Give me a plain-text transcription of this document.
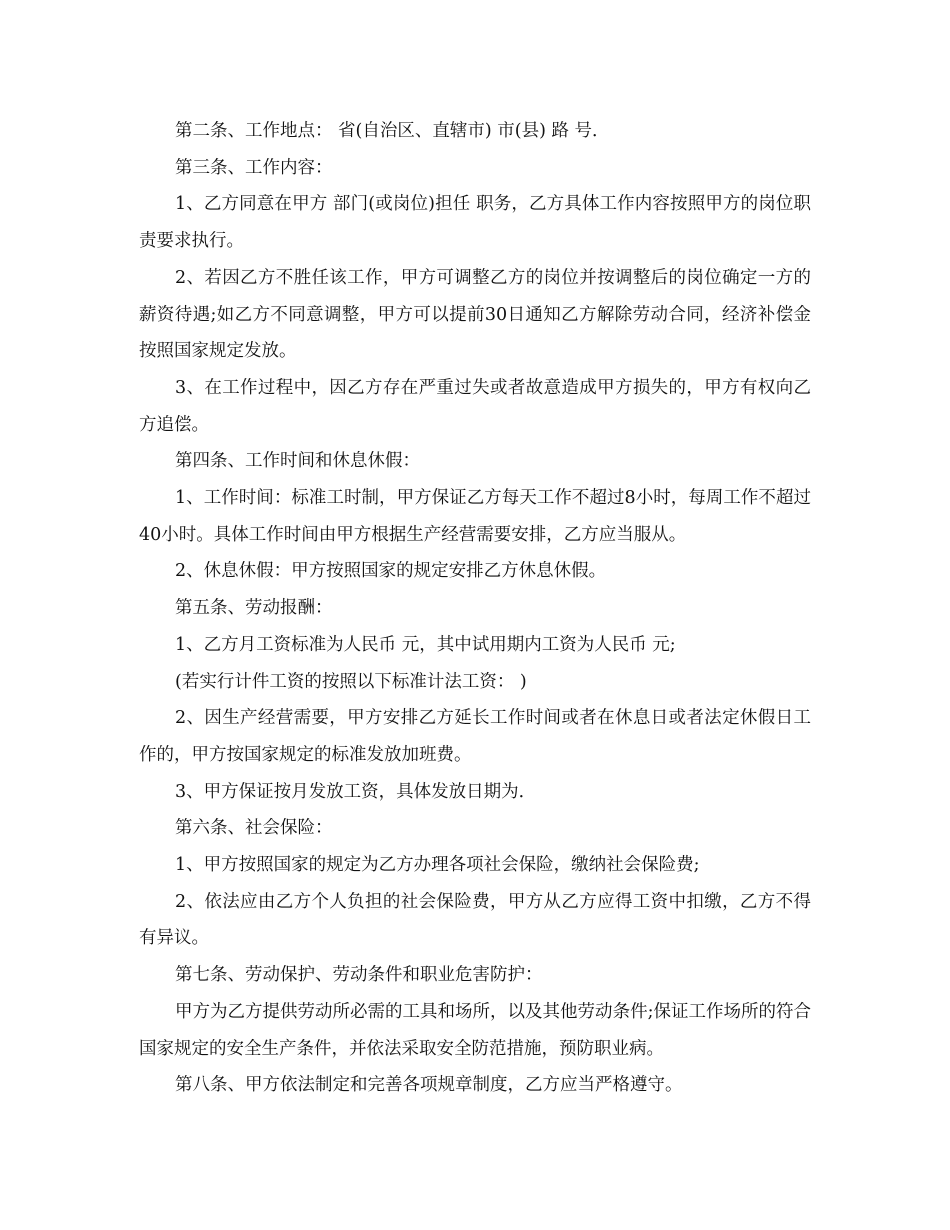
第二条、工作地点： 省(自治区、直辖市) 市(县) 路 号．

第三条、工作内容：

1、乙方同意在甲方 部门(或岗位)担任 职务，乙方具体工作内容按照甲方的岗位职责要求执行。

2、若因乙方不胜任该工作，甲方可调整乙方的岗位并按调整后的岗位确定一方的薪资待遇;如乙方不同意调整，甲方可以提前30日通知乙方解除劳动合同，经济补偿金按照国家规定发放。

3、在工作过程中，因乙方存在严重过失或者故意造成甲方损失的，甲方有权向乙方追偿。

第四条、工作时间和休息休假：

1、工作时间：标准工时制，甲方保证乙方每天工作不超过8小时，每周工作不超过40小时。具体工作时间由甲方根据生产经营需要安排，乙方应当服从。

2、休息休假：甲方按照国家的规定安排乙方休息休假。

第五条、劳动报酬：

1、乙方月工资标准为人民币 元，其中试用期内工资为人民币 元;

(若实行计件工资的按照以下标准计法工资： )

2、因生产经营需要，甲方安排乙方延长工作时间或者在休息日或者法定休假日工作的，甲方按国家规定的标准发放加班费。

3、甲方保证按月发放工资，具体发放日期为．

第六条、社会保险：

1、甲方按照国家的规定为乙方办理各项社会保险，缴纳社会保险费;

2、依法应由乙方个人负担的社会保险费，甲方从乙方应得工资中扣缴，乙方不得有异议。

第七条、劳动保护、劳动条件和职业危害防护：

甲方为乙方提供劳动所必需的工具和场所，以及其他劳动条件;保证工作场所的符合国家规定的安全生产条件，并依法采取安全防范措施，预防职业病。

第八条、甲方依法制定和完善各项规章制度，乙方应当严格遵守。
